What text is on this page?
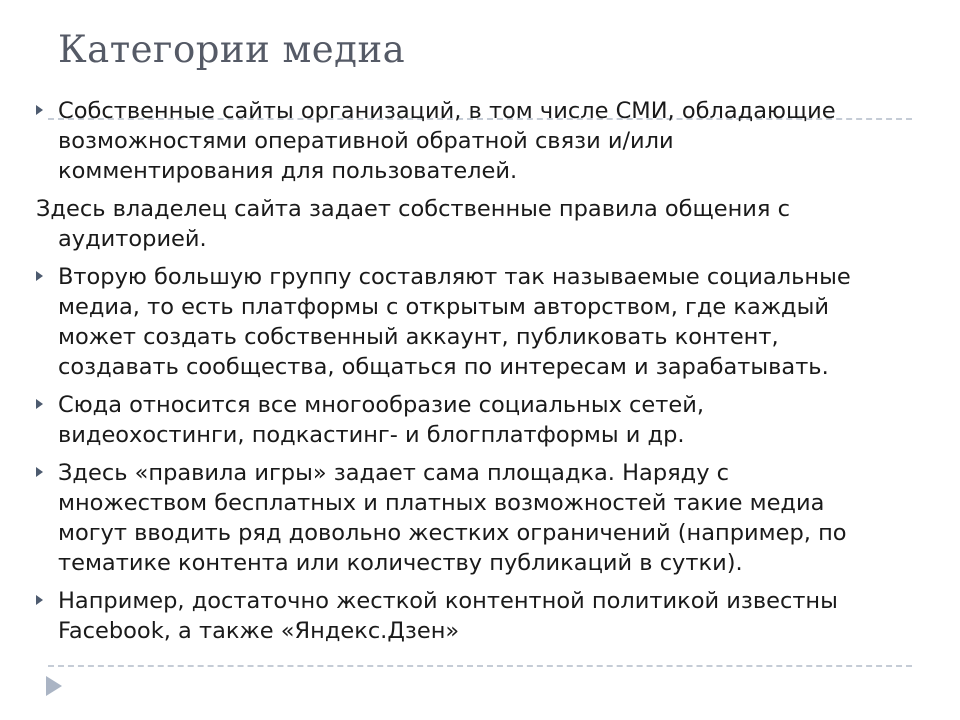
Категории медиа
Собственные сайты организаций, в том числе СМИ, обладающие
возможностями оперативной обратной связи и/или
комментирования для пользователей.
Здесь владелец сайта задает собственные правила общения с
аудиторией.
Вторую большую группу составляют так называемые социальные
медиа, то есть платформы с открытым авторством, где каждый
может создать собственный аккаунт, публиковать контент,
создавать сообщества, общаться по интересам и зарабатывать.
Сюда относится все многообразие социальных сетей,
видеохостинги, подкастинг- и блогплатформы и др.
Здесь «правила игры» задает сама площадка. Наряду с
множеством бесплатных и платных возможностей такие медиа
могут вводить ряд довольно жестких ограничений (например, по
тематике контента или количеству публикаций в сутки).
Например, достаточно жесткой контентной политикой известны
Facebook, а также «Яндекс.Дзен»
